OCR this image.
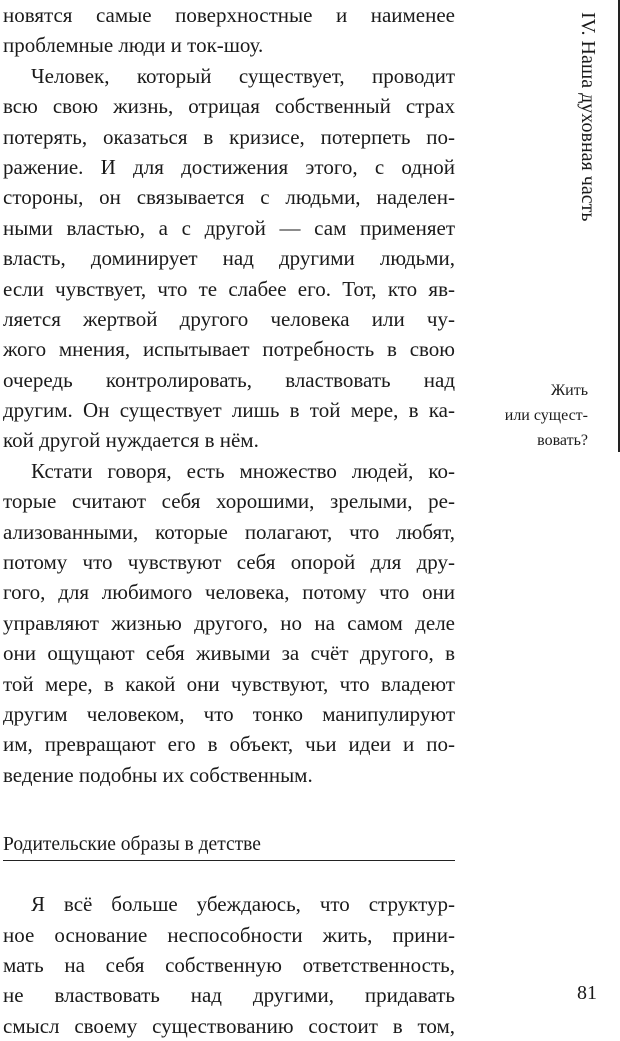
новятся самые поверхностные и наименее
проблемные люди и ток-шоу.
Человек, который существует, проводит
всю свою жизнь, отрицая собственный страх
потерять, оказаться в кризисе, потерпеть по-
ражение. И для достижения этого, с одной
стороны, он связывается с людьми, наделен-
ными властью, а с другой — сам применяет
власть, доминирует над другими людьми,
если чувствует, что те слабее его. Тот, кто яв-
ляется жертвой другого человека или чу-
жого мнения, испытывает потребность в свою
очередь контролировать, властвовать над
другим. Он существует лишь в той мере, в ка-
кой другой нуждается в нём.
Кстати говоря, есть множество людей, ко-
торые считают себя хорошими, зрелыми, ре-
ализованными, которые полагают, что любят,
потому что чувствуют себя опорой для дру-
гого, для любимого человека, потому что они
управляют жизнью другого, но на самом деле
они ощущают себя живыми за счёт другого, в
той мере, в какой они чувствуют, что владеют
другим человеком, что тонко манипулируют
им, превращают его в объект, чьи идеи и по-
ведение подобны их собственным.
Родительские образы в детстве
Я всё больше убеждаюсь, что структур-
ное основание неспособности жить, прини-
мать на себя собственную ответственность,
не властвовать над другими, придавать
смысл своему существованию состоит в том,
IV. Наша духовная часть
Жить
или сущест-
вовать?
81
